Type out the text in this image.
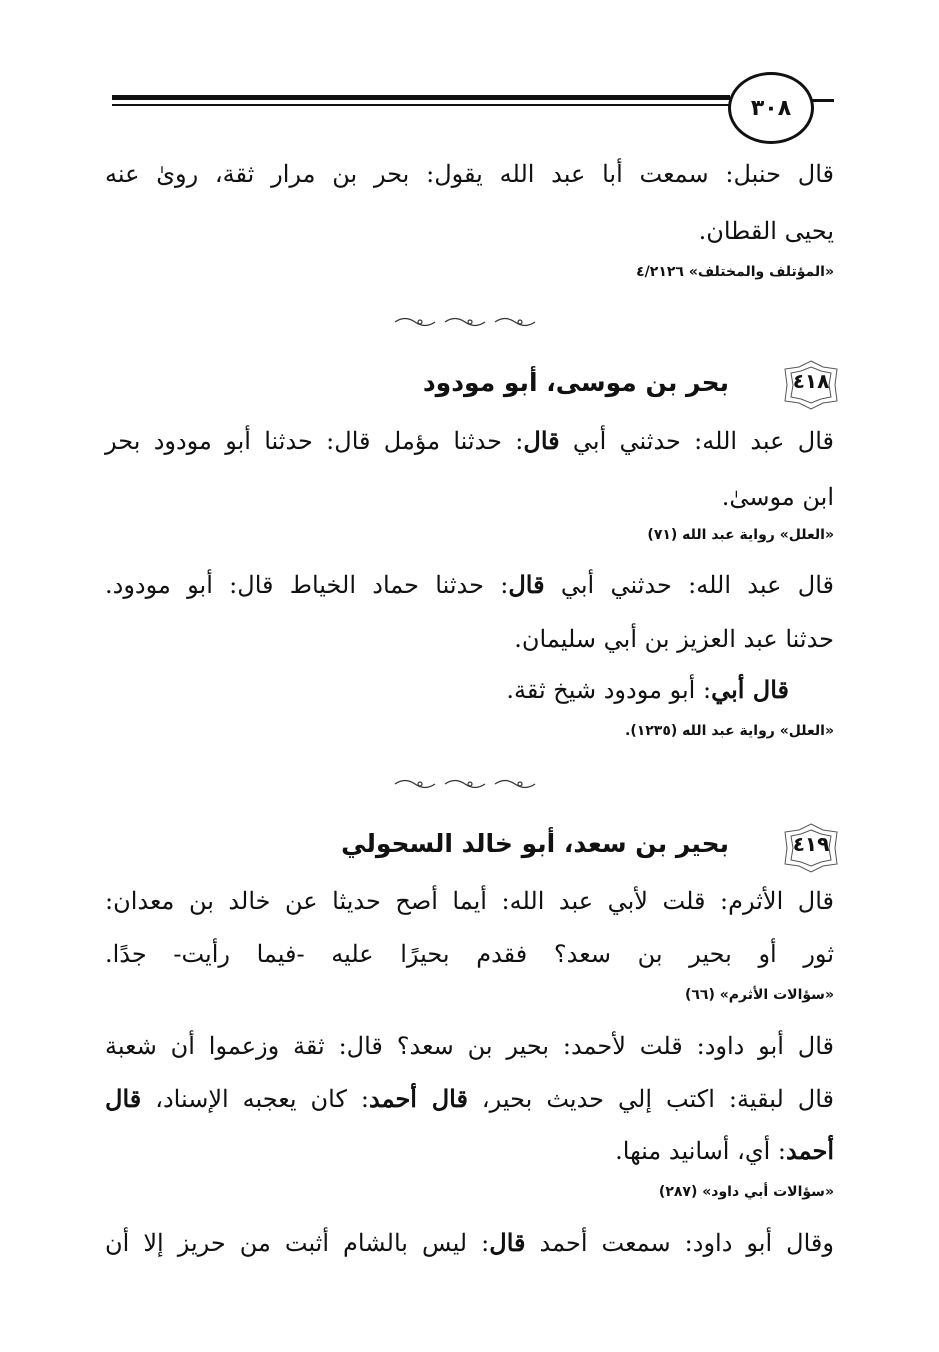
٣٠٨
قال حنبل: سمعت أبا عبد الله يقول: بحر بن مرار ثقة، روىٰ عنه
يحيى القطان.
«المؤتلف والمختلف» ٤/٢١٢٦
٤١٨
بحر بن موسى، أبو مودود
قال عبد الله: حدثني أبي قال: حدثنا مؤمل قال: حدثنا أبو مودود بحر
ابن موسىٰ.
«العلل» رواية عبد الله (٧١)
قال عبد الله: حدثني أبي قال: حدثنا حماد الخياط قال: أبو مودود.
حدثنا عبد العزيز بن أبي سليمان.
قال أبي: أبو مودود شيخ ثقة.
«العلل» رواية عبد الله (١٢٣٥).
٤١٩
بحير بن سعد، أبو خالد السحولي
قال الأثرم: قلت لأبي عبد الله: أيما أصح حديثا عن خالد بن معدان:
ثور أو بحير بن سعد؟ فقدم بحيرًا عليه -فيما رأيت- جدًا.
«سؤالات الأثرم» (٦٦)
قال أبو داود: قلت لأحمد: بحير بن سعد؟ قال: ثقة وزعموا أن شعبة
قال لبقية: اكتب إلي حديث بحير، قال أحمد: كان يعجبه الإسناد، قال
أحمد: أي، أسانيد منها.
«سؤالات أبي داود» (٢٨٧)
وقال أبو داود: سمعت أحمد قال: ليس بالشام أثبت من حريز إلا أن
